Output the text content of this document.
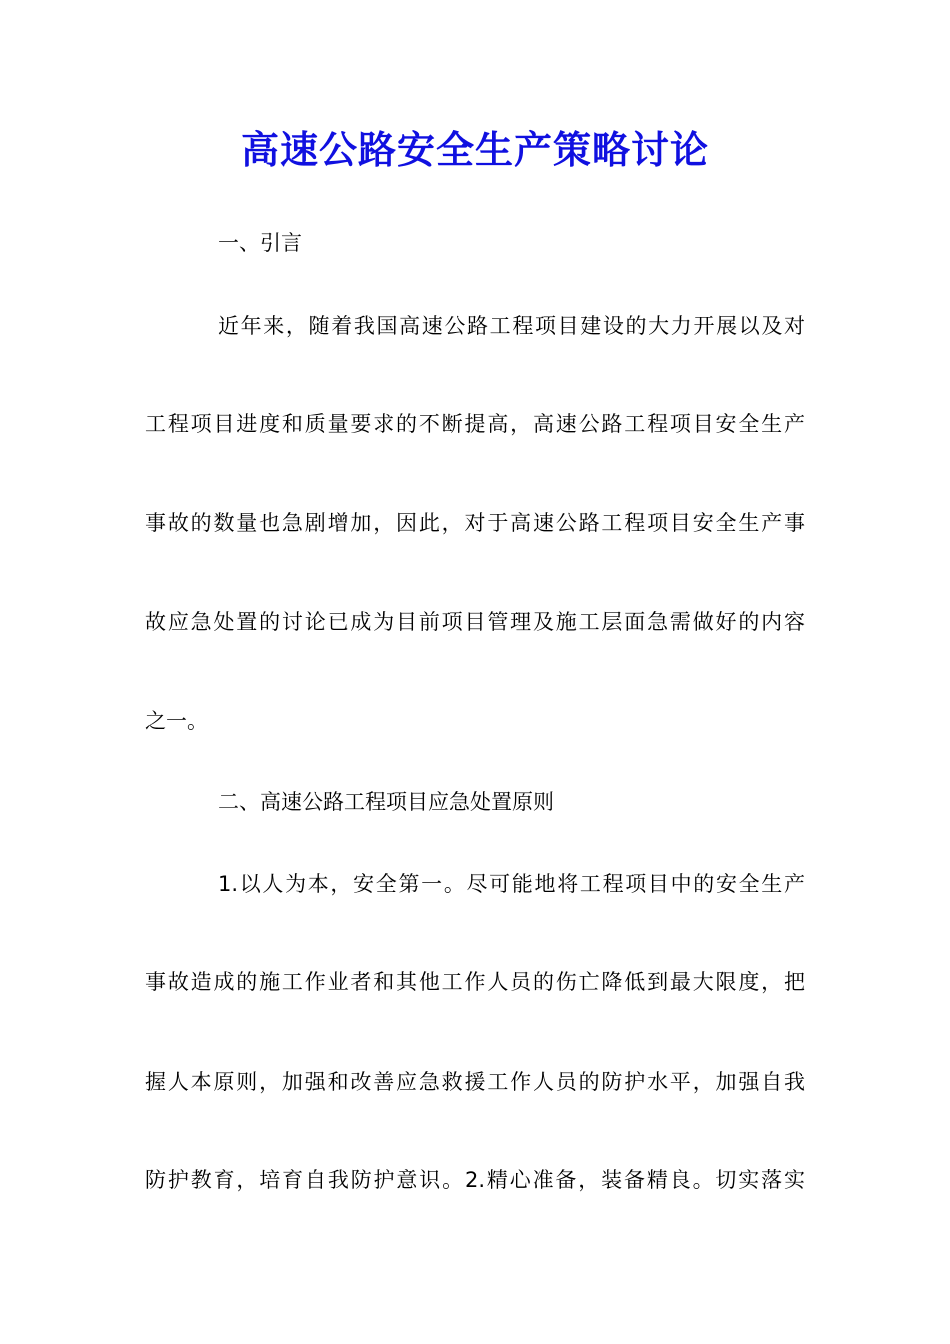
高速公路安全生产策略讨论
一、引言
近年来，随着我国高速公路工程项目建设的大力开展以及对
工程项目进度和质量要求的不断提高，高速公路工程项目安全生产
事故的数量也急剧增加，因此，对于高速公路工程项目安全生产事
故应急处置的讨论已成为目前项目管理及施工层面急需做好的内容
之一。
二、高速公路工程项目应急处置原则
1.以人为本，安全第一。尽可能地将工程项目中的安全生产
事故造成的施工作业者和其他工作人员的伤亡降低到最大限度，把
握人本原则，加强和改善应急救援工作人员的防护水平，加强自我
防护教育，培育自我防护意识。2.精心准备，装备精良。切实落实
